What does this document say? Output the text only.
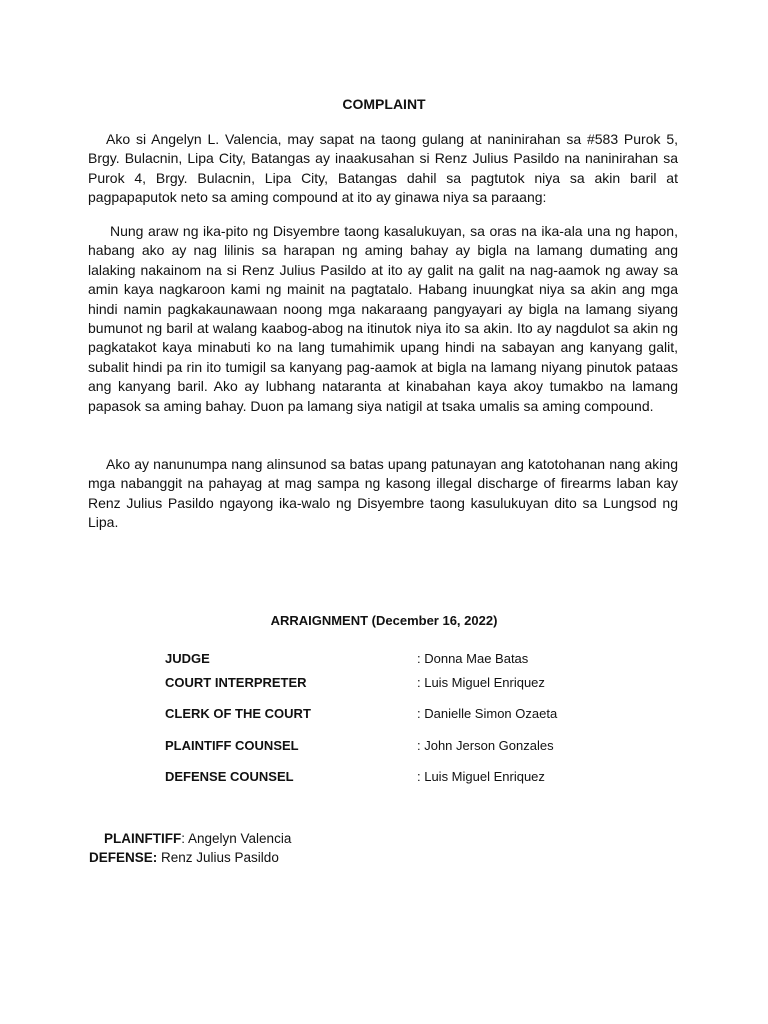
COMPLAINT

Ako si Angelyn L. Valencia, may sapat na taong gulang at naninirahan sa #583 Purok 5, Brgy. Bulacnin, Lipa City, Batangas ay inaakusahan si Renz Julius Pasildo na naninirahan sa Purok 4, Brgy. Bulacnin, Lipa City, Batangas dahil sa pagtutok niya sa akin baril at pagpapaputok neto sa aming compound at ito ay ginawa niya sa paraang:

Nung araw ng ika-pito ng Disyembre taong kasalukuyan, sa oras na ika-ala una ng hapon, habang ako ay nag lilinis sa harapan ng aming bahay ay bigla na lamang dumating ang lalaking nakainom na si Renz Julius Pasildo at ito ay galit na galit na nag-aamok ng away sa amin kaya nagkaroon kami ng mainit na pagtatalo. Habang inuungkat niya sa akin ang mga hindi namin pagkakaunawaan noong mga nakaraang pangyayari ay bigla na lamang siyang bumunot ng baril at walang kaabog-abog na itinutok niya ito sa akin. Ito ay nagdulot sa akin ng pagkatakot kaya minabuti ko na lang tumahimik upang hindi na sabayan ang kanyang galit, subalit hindi pa rin ito tumigil sa kanyang pag-aamok at bigla na lamang niyang pinutok pataas ang kanyang baril. Ako ay lubhang nataranta at kinabahan kaya akoy tumakbo na lamang papasok sa aming bahay. Duon pa lamang siya natigil at tsaka umalis sa aming compound.

Ako ay nanunumpa nang alinsunod sa batas upang patunayan ang katotohanan nang aking mga nabanggit na pahayag at mag sampa ng kasong illegal discharge of firearms laban kay Renz Julius Pasildo ngayong ika-walo ng Disyembre taong kasulukuyan dito sa Lungsod ng Lipa.

ARRAIGNMENT (December 16, 2022)
JUDGE	: Donna Mae Batas
COURT INTERPRETER	: Luis Miguel Enriquez
CLERK OF THE COURT	: Danielle Simon Ozaeta
PLAINTIFF COUNSEL	: John Jerson Gonzales
DEFENSE COUNSEL	: Luis Miguel Enriquez
PLAINFTIFF: Angelyn Valencia
DEFENSE: Renz Julius Pasildo
